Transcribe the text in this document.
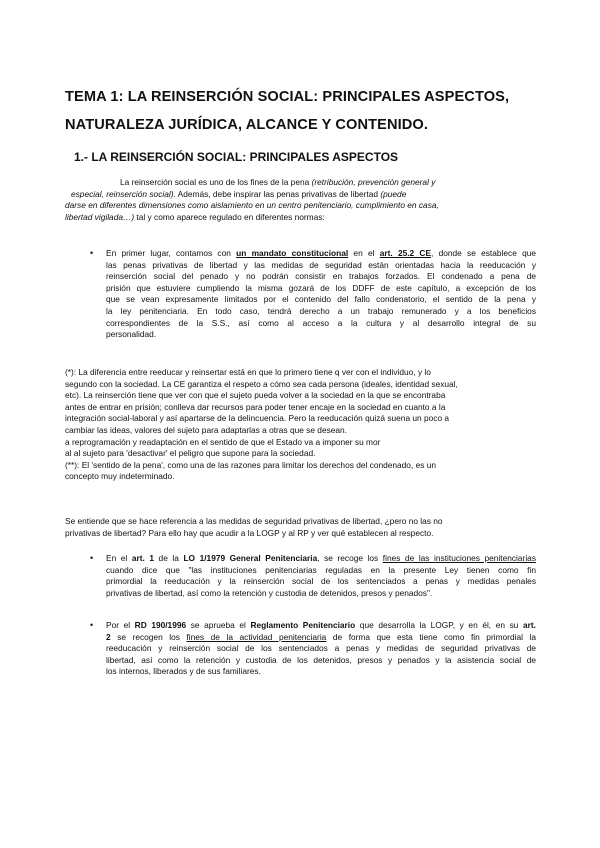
TEMA 1: LA REINSERCIÓN SOCIAL: PRINCIPALES ASPECTOS,
NATURALEZA JURÍDICA, ALCANCE Y CONTENIDO.
1.- LA REINSERCIÓN SOCIAL: PRINCIPALES ASPECTOS
La reinserción social es uno de los fines de la pena (retribución, prevención general y
especial, reinserción social). Además, debe inspirar las penas privativas de libertad (puede
darse en diferentes dimensiones como aislamiento en un centro penitenciario, cumplimiento en casa,
libertad vigilada…) tal y como aparece regulado en diferentes normas:
• En primer lugar, contamos con un mandato constitucional en el art. 25.2 CE, donde se establece que
las penas privativas de libertad y las medidas de seguridad están orientadas hacia la reeducación y
reinserción social del penado y no podrán consistir en trabajos forzados. El condenado a pena de
prisión que estuviere cumpliendo la misma gozará de los DDFF de este capítulo, a excepción de los
que se vean expresamente limitados por el contenido del fallo condenatorio, el sentido de la pena y
la ley penitenciaria. En todo caso, tendrá derecho a un trabajo remunerado y a los beneficios
correspondientes de la S.S., así como al acceso a la cultura y al desarrollo integral de su
personalidad.
(*): La diferencia entre reeducar y reinsertar está en que lo primero tiene q ver con el individuo, y lo
segundo con la sociedad. La CE garantiza el respeto a cómo sea cada persona (ideales, identidad sexual,
etc). La reinserción tiene que ver con que el sujeto pueda volver a la sociedad en la que se encontraba
antes de entrar en prisión; conlleva dar recursos para poder tener encaje en la sociedad en cuanto a la
integración social-laboral y así apartarse de la delincuencia. Pero la reeducación quizá suena un poco a
cambiar las ideas, valores del sujeto para adaptarlas a otras que se desean.
a reprogramación y readaptación en el sentido de que el Estado va a imponer su mor
al al sujeto para 'desactivar' el peligro que supone para la sociedad.
(**): El 'sentido de la pena', como una de las razones para limitar los derechos del condenado, es un
concepto muy indeterminado.
Se entiende que se hace referencia a las medidas de seguridad privativas de libertad, ¿pero no las no
privativas de libertad? Para ello hay que acudir a la LOGP y al RP y ver qué establecen al respecto.
• En el art. 1 de la LO 1/1979 General Penitenciaria, se recoge los fines de las instituciones penitenciarias
cuando dice que "las instituciones penitenciarias reguladas en la presente Ley tienen como fin
primordial la reeducación y la reinserción social de los sentenciados a penas y medidas penales
privativas de libertad, así como la retención y custodia de detenidos, presos y penados".
• Por el RD 190/1996 se aprueba el Reglamento Penitenciario que desarrolla la LOGP, y en él, en su art.
2 se recogen los fines de la actividad penitenciaria de forma que esta tiene como fin primordial la
reeducación y reinserción social de los sentenciados a penas y medidas de seguridad privativas de
libertad, así como la retención y custodia de los detenidos, presos y penados y la asistencia social de
los internos, liberados y de sus familiares.
